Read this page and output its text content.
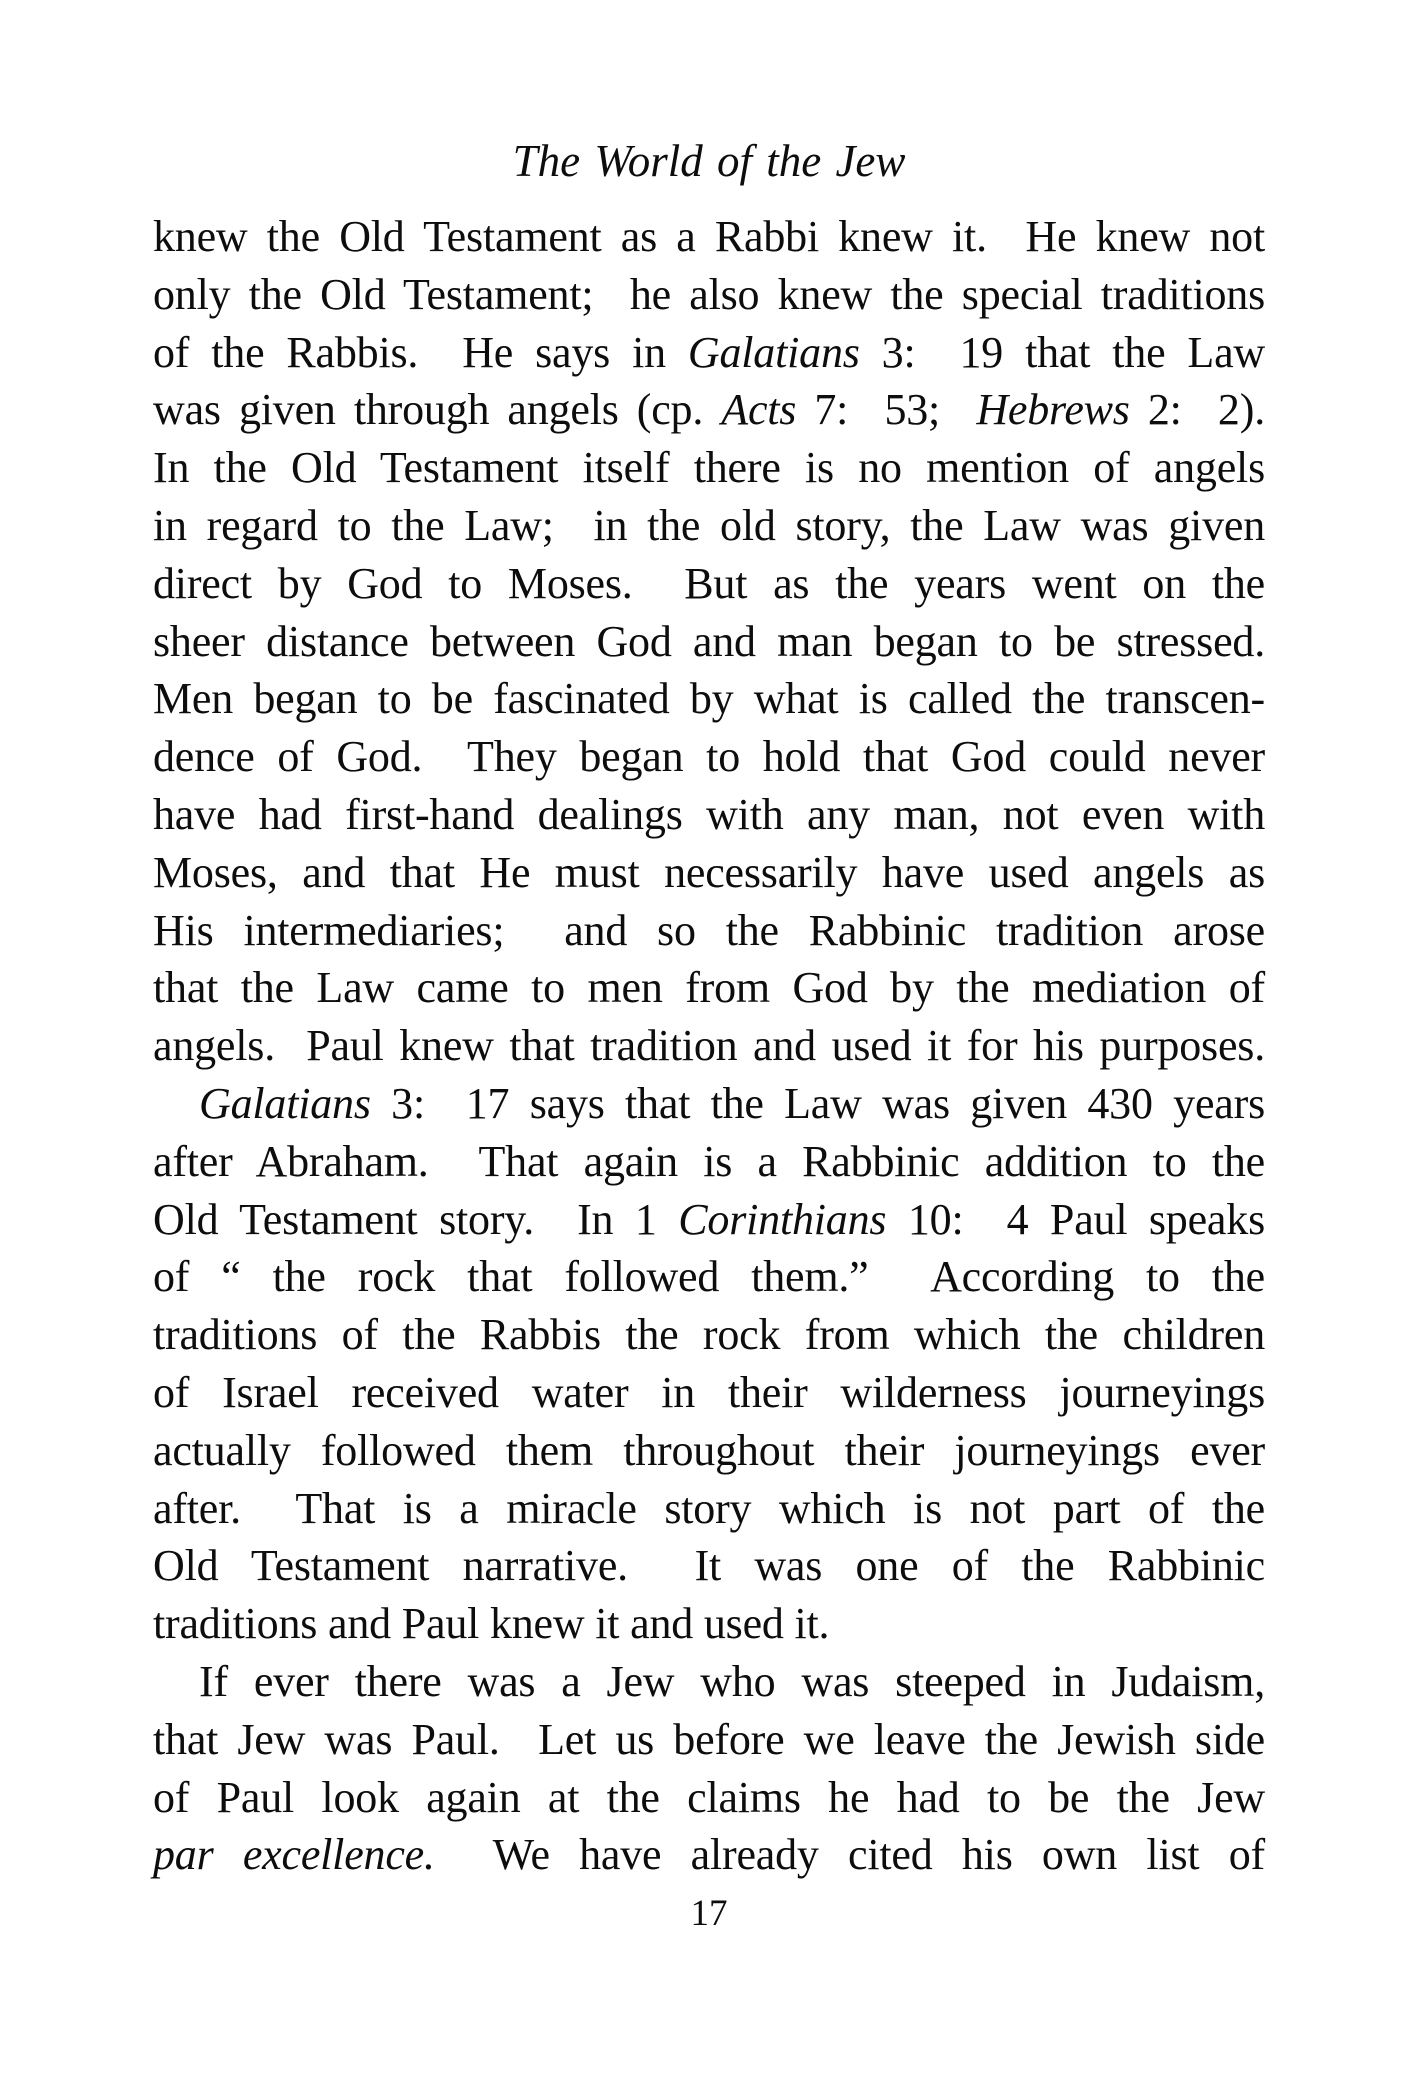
The World of the Jew
knew the Old Testament as a Rabbi knew it.  He knew not
only the Old Testament;  he also knew the special traditions
of the Rabbis.  He says in Galatians 3:  19 that the Law
was given through angels (cp. Acts 7:  53;  Hebrews 2:  2).
In the Old Testament itself there is no mention of angels
in regard to the Law;  in the old story, the Law was given
direct by God to Moses.  But as the years went on the
sheer distance between God and man began to be stressed.
Men began to be fascinated by what is called the transcen-
dence of God.  They began to hold that God could never
have had first-hand dealings with any man, not even with
Moses, and that He must necessarily have used angels as
His intermediaries;  and so the Rabbinic tradition arose
that the Law came to men from God by the mediation of
angels.  Paul knew that tradition and used it for his purposes.
Galatians 3:  17 says that the Law was given 430 years
after Abraham.  That again is a Rabbinic addition to the
Old Testament story.  In 1 Corinthians 10:  4 Paul speaks
of “ the rock that followed them.”  According to the
traditions of the Rabbis the rock from which the children
of Israel received water in their wilderness journeyings
actually followed them throughout their journeyings ever
after.  That is a miracle story which is not part of the
Old Testament narrative.  It was one of the Rabbinic
traditions and Paul knew it and used it.
If ever there was a Jew who was steeped in Judaism,
that Jew was Paul.  Let us before we leave the Jewish side
of Paul look again at the claims he had to be the Jew
par excellence.  We have already cited his own list of
17
